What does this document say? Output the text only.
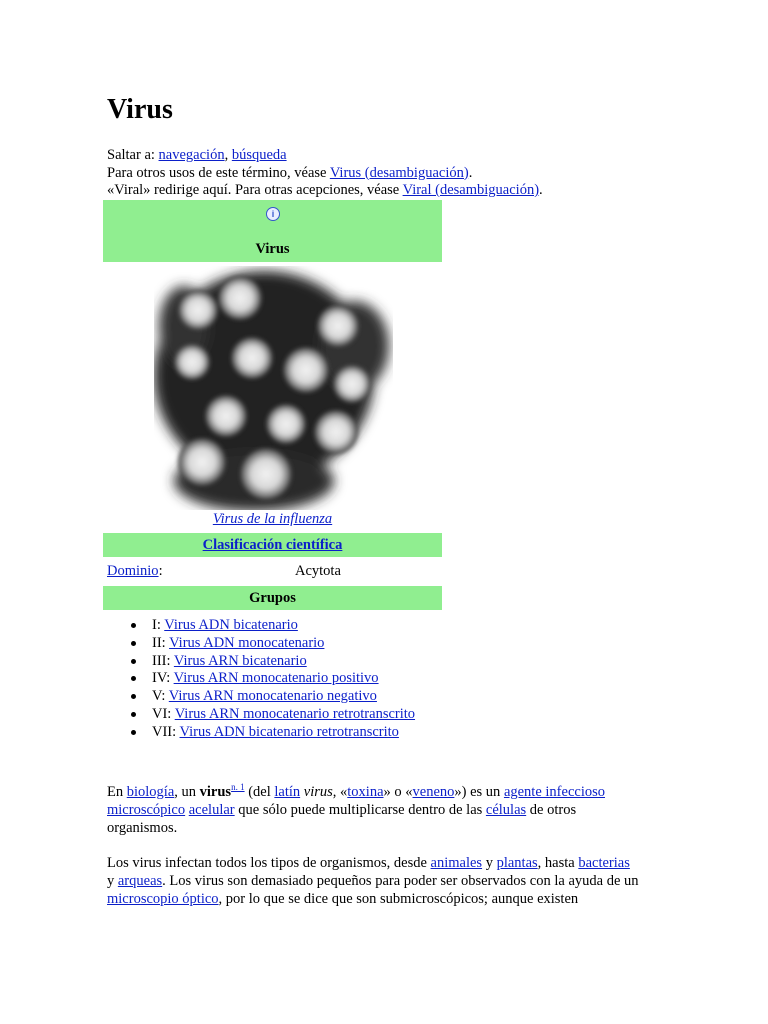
Virus
Saltar a: navegación, búsqueda
Para otros usos de este término, véase Virus (desambiguación).
«Viral» redirige aquí. Para otras acepciones, véase Viral (desambiguación).
i
Virus
Virus de la influenza
Clasificación científica
Dominio:	Acytota
Grupos
I: Virus ADN bicatenario
II: Virus ADN monocatenario
III: Virus ARN bicatenario
IV: Virus ARN monocatenario positivo
V: Virus ARN monocatenario negativo
VI: Virus ARN monocatenario retrotranscrito
VII: Virus ADN bicatenario retrotranscrito
En biología, un virus$^{n. 1}$ (del latín virus, «toxina» o «veneno») es un agente infeccioso
microscópico acelular que sólo puede multiplicarse dentro de las células de otros
organismos.
Los virus infectan todos los tipos de organismos, desde animales y plantas, hasta bacterias
y arqueas. Los virus son demasiado pequeños para poder ser observados con la ayuda de un
microscopio óptico, por lo que se dice que son submicroscópicos; aunque existen
